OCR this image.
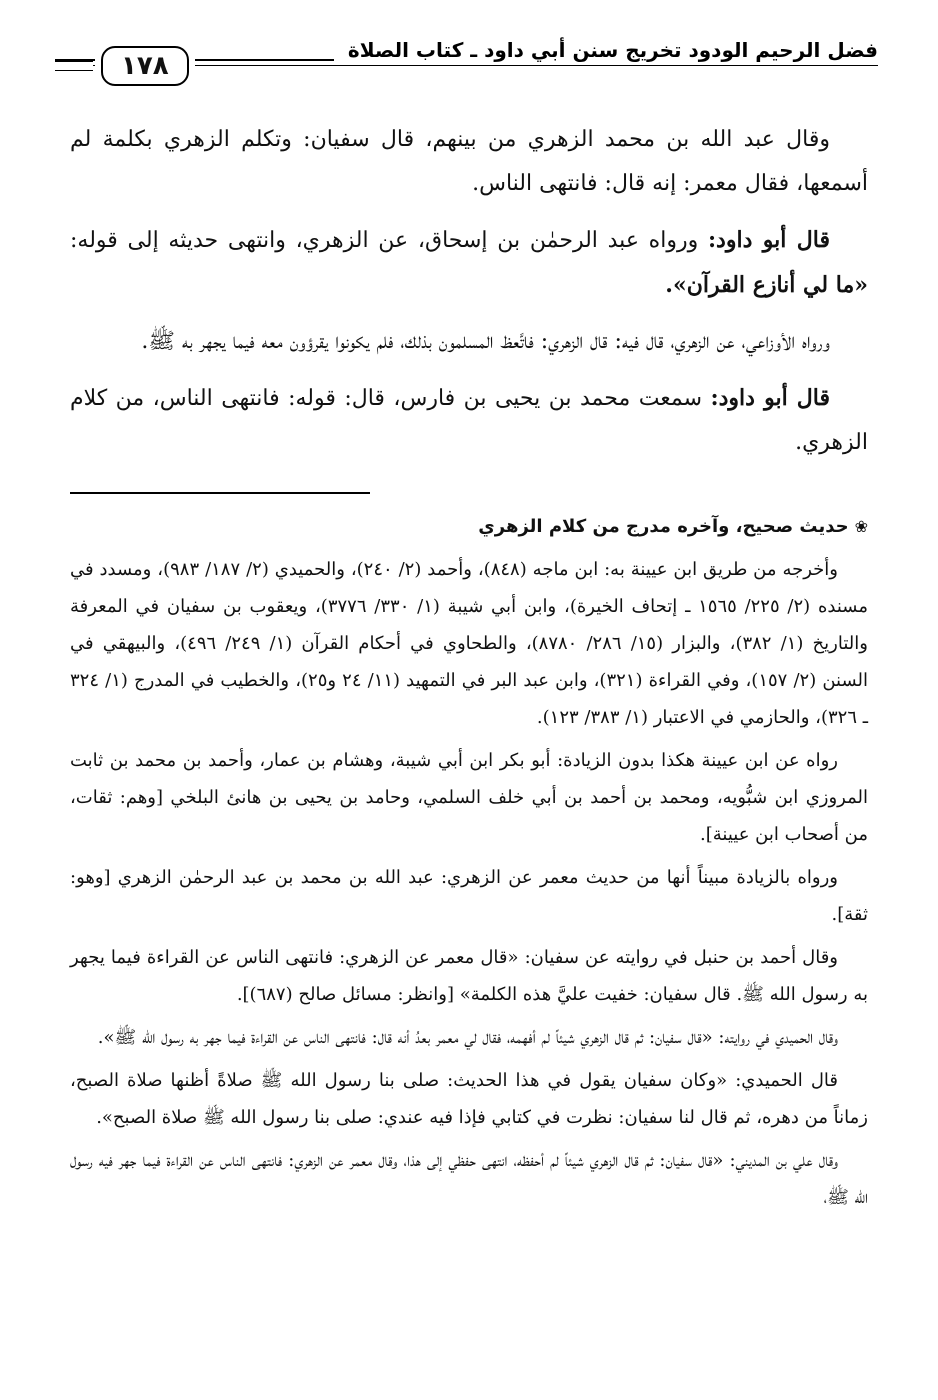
فضل الرحيم الودود تخريج سنن أبي داود ـ كتاب الصلاة
١٧٨

وقال عبد الله بن محمد الزهري من بينهم، قال سفيان: وتكلم الزهري بكلمة لم أسمعها، فقال معمر: إنه قال: فانتهى الناس.

قال أبو داود: ورواه عبد الرحمٰن بن إسحاق، عن الزهري، وانتهى حديثه إلى قوله: «ما لي أنازع القرآن».

ورواه الأوزاعي، عن الزهري، قال فيه: قال الزهري: فاتَّعظ المسلمون بذلك، فلم يكونوا يقرؤون معه فيما يجهر به ﷺ.

قال أبو داود: سمعت محمد بن يحيى بن فارس، قال: قوله: فانتهى الناس، من كلام الزهري.

❀حديث صحيح، وآخره مدرج من كلام الزهري

وأخرجه من طريق ابن عيينة به: ابن ماجه (٨٤٨)، وأحمد (٢/ ٢٤٠)، والحميدي (٢/ ١٨٧/ ٩٨٣)، ومسدد في مسنده (٢/ ٢٢٥/ ١٥٦٥ ـ إتحاف الخيرة)، وابن أبي شيبة (١/ ٣٣٠/ ٣٧٧٦)، ويعقوب بن سفيان في المعرفة والتاريخ (١/ ٣٨٢)، والبزار (١٥/ ٢٨٦/ ٨٧٨٠)، والطحاوي في أحكام القرآن (١/ ٢٤٩/ ٤٩٦)، والبيهقي في السنن (٢/ ١٥٧)، وفي القراءة (٣٢١)، وابن عبد البر في التمهيد (١١/ ٢٤ و٢٥)، والخطيب في المدرج (١/ ٣٢٤ ـ ٣٢٦)، والحازمي في الاعتبار (١/ ٣٨٣/ ١٢٣).

رواه عن ابن عيينة هكذا بدون الزيادة: أبو بكر ابن أبي شيبة، وهشام بن عمار، وأحمد بن محمد بن ثابت المروزي ابن شبُّويه، ومحمد بن أحمد بن أبي خلف السلمي، وحامد بن يحيى بن هانئ البلخي [وهم: ثقات، من أصحاب ابن عيينة].

ورواه بالزيادة مبيناً أنها من حديث معمر عن الزهري: عبد الله بن محمد بن عبد الرحمٰن الزهري [وهو: ثقة].

وقال أحمد بن حنبل في روايته عن سفيان: «قال معمر عن الزهري: فانتهى الناس عن القراءة فيما يجهر به رسول الله ﷺ. قال سفيان: خفيت عليَّ هذه الكلمة» [وانظر: مسائل صالح (٦٨٧)].

وقال الحميدي في روايته: «قال سفيان: ثم قال الزهري شيئاً لم أفهمه، فقال لي معمر بعدُ أنه قال: فانتهى الناس عن القراءة فيما جهر به رسول الله ﷺ».

قال الحميدي: «وكان سفيان يقول في هذا الحديث: صلى بنا رسول الله ﷺ صلاةً أظنها صلاة الصبح، زماناً من دهره، ثم قال لنا سفيان: نظرت في كتابي فإذا فيه عندي: صلى بنا رسول الله ﷺ صلاة الصبح».

وقال علي بن المديني: «قال سفيان: ثم قال الزهري شيئاً لم أحفظه، انتهى حفظي إلى هذا، وقال معمر عن الزهري: فانتهى الناس عن القراءة فيما جهر فيه رسول الله ﷺ،
